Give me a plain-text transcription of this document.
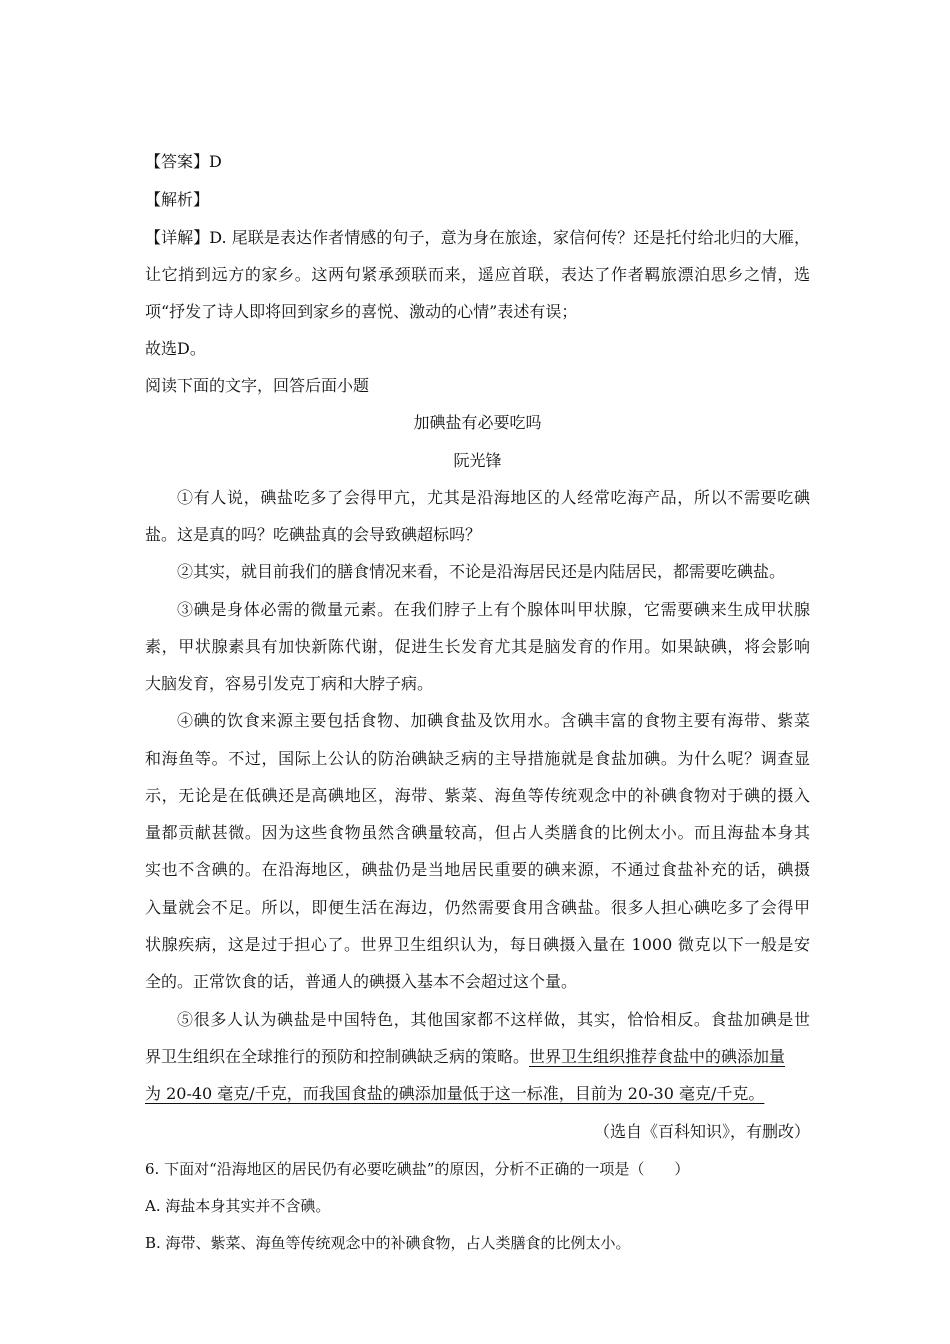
【答案】D
【解析】
【详解】D. 尾联是表达作者情感的句子，意为身在旅途，家信何传？还是托付给北归的大雁，
让它捎到远方的家乡。这两句紧承颈联而来，遥应首联，表达了作者羁旅漂泊思乡之情，选
项“抒发了诗人即将回到家乡的喜悦、激动的心情”表述有误；
故选D。
阅读下面的文字，回答后面小题
加碘盐有必要吃吗
阮光锋
①有人说，碘盐吃多了会得甲亢，尤其是沿海地区的人经常吃海产品，所以不需要吃碘
盐。这是真的吗？吃碘盐真的会导致碘超标吗？
②其实，就目前我们的膳食情况来看，不论是沿海居民还是内陆居民，都需要吃碘盐。
③碘是身体必需的微量元素。在我们脖子上有个腺体叫甲状腺，它需要碘来生成甲状腺
素，甲状腺素具有加快新陈代谢，促进生长发育尤其是脑发育的作用。如果缺碘，将会影响
大脑发育，容易引发克丁病和大脖子病。
④碘的饮食来源主要包括食物、加碘食盐及饮用水。含碘丰富的食物主要有海带、紫菜
和海鱼等。不过，国际上公认的防治碘缺乏病的主导措施就是食盐加碘。为什么呢？调查显
示，无论是在低碘还是高碘地区，海带、紫菜、海鱼等传统观念中的补碘食物对于碘的摄入
量都贡献甚微。因为这些食物虽然含碘量较高，但占人类膳食的比例太小。而且海盐本身其
实也不含碘的。在沿海地区，碘盐仍是当地居民重要的碘来源，不通过食盐补充的话，碘摄
入量就会不足。所以，即便生活在海边，仍然需要食用含碘盐。很多人担心碘吃多了会得甲
状腺疾病，这是过于担心了。世界卫生组织认为，每日碘摄入量在 1000 微克以下一般是安
全的。正常饮食的话，普通人的碘摄入基本不会超过这个量。
⑤很多人认为碘盐是中国特色，其他国家都不这样做，其实，恰恰相反。食盐加碘是世
界卫生组织在全球推行的预防和控制碘缺乏病的策略。世界卫生组织推荐食盐中的碘添加量
为 20-40 毫克/千克，而我国食盐的碘添加量低于这一标准，目前为 20-30 毫克/千克。
（选自《百科知识》，有删改）
6. 下面对“沿海地区的居民仍有必要吃碘盐”的原因，分析不正确的一项是（　　）
A. 海盐本身其实并不含碘。
B. 海带、紫菜、海鱼等传统观念中的补碘食物，占人类膳食的比例太小。
